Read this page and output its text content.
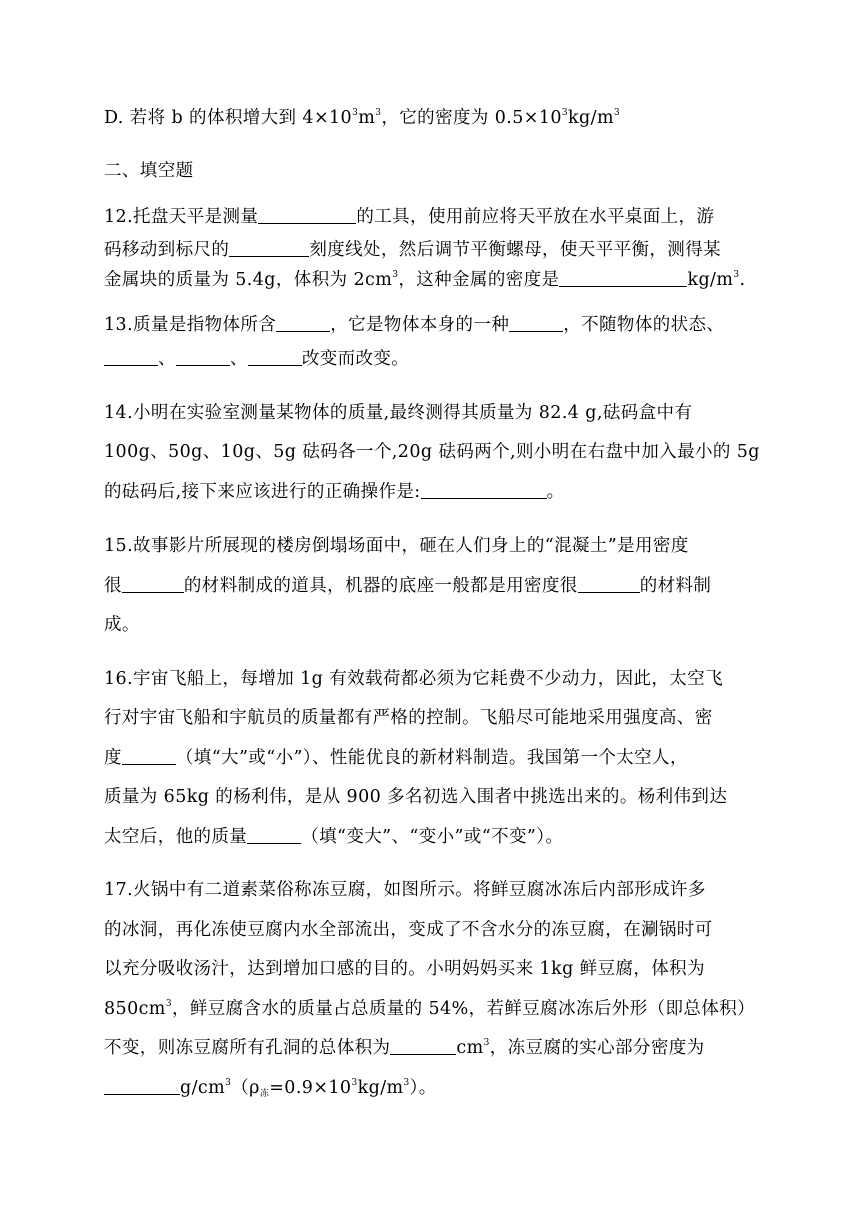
D. 若将 b 的体积增大到 $4\times 10^3m^3$，它的密度为 $0.5\times 10^3kg/m^3$
二、填空题
12.托盘天平是测量	的工具，使用前应将天平放在水平桌面上，游
码移动到标尺的	刻度线处，然后调节平衡螺母，使天平平衡，测得某
金属块的质量为 5.4g，体积为 $2cm^3$，这种金属的密度是	$kg/m^3$.
13.质量是指物体所含	，它是物体本身的一种	，不随物体的状态、
、	、	改变而改变。
14.小明在实验室测量某物体的质量,最终测得其质量为 82.4 g,砝码盒中有
100g、50g、10g、5g 砝码各一个,20g 砝码两个,则小明在右盘中加入最小的 5g
的砝码后,接下来应该进行的正确操作是:	。
15.故事影片所展现的楼房倒塌场面中，砸在人们身上的“混凝土”是用密度
很	的材料制成的道具，机器的底座一般都是用密度很	的材料制
成。
16.宇宙飞船上，每增加 1g 有效载荷都必须为它耗费不少动力，因此，太空飞
行对宇宙飞船和宇航员的质量都有严格的控制。飞船尽可能地采用强度高、密
度	（填“大”或“小”）、性能优良的新材料制造。我国第一个太空人，
质量为 65kg 的杨利伟，是从 900 多名初选入围者中挑选出来的。杨利伟到达
太空后，他的质量	（填“变大”、“变小”或“不变”）。
17.火锅中有二道素菜俗称冻豆腐，如图所示。将鲜豆腐冰冻后内部形成许多
的冰洞，再化冻使豆腐内水全部流出，变成了不含水分的冻豆腐，在涮锅时可
以充分吸收汤汁，达到增加口感的目的。小明妈妈买来 1kg 鲜豆腐，体积为
$850cm^3$，鲜豆腐含水的质量占总质量的 54%，若鲜豆腐冰冻后外形（即总体积）
不变，则冻豆腐所有孔洞的总体积为	$cm^3$，冻豆腐的实心部分密度为
$g/cm^3(\rho_冻=0.9\times 10^3kg/m^3)$。
